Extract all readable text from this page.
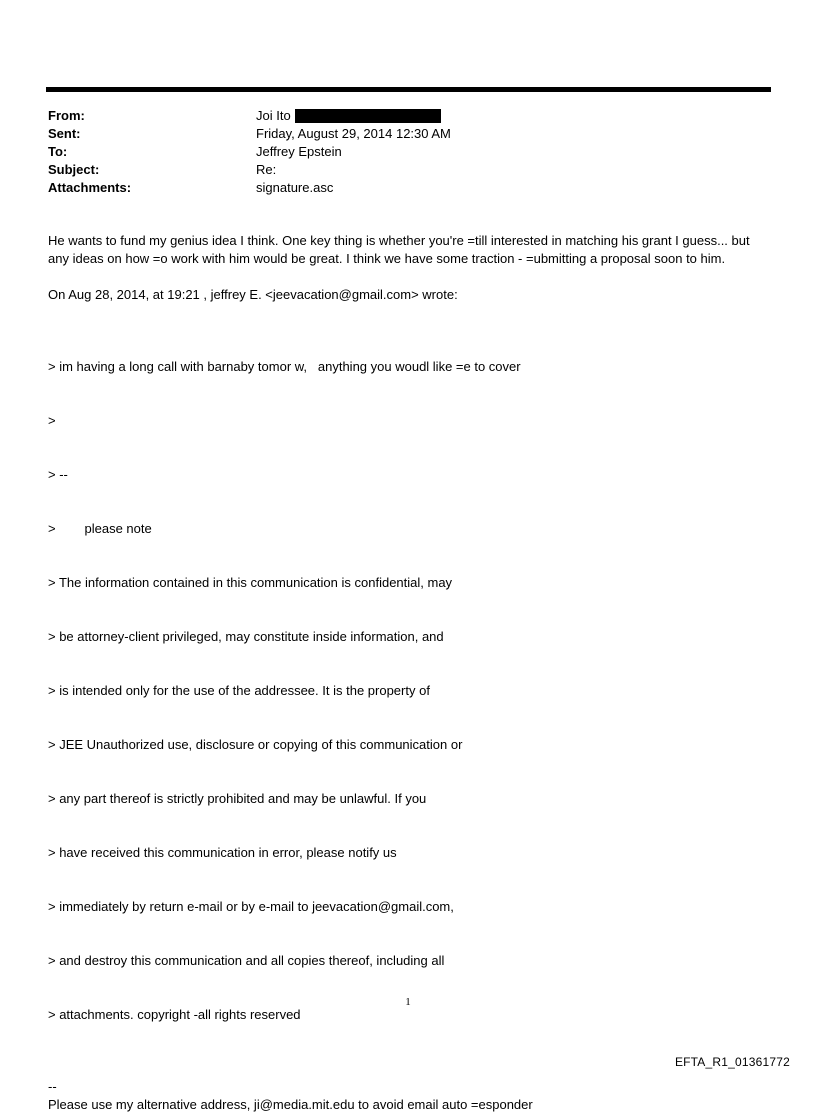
From:	Joi Ito
Sent:	Friday, August 29, 2014 12:30 AM
To:	Jeffrey Epstein
Subject:	Re:
Attachments:	signature.asc

He wants to fund my genius idea I think. One key thing is whether you're =till interested in matching his grant I guess... but any ideas on how =o work with him would be great. I think we have some traction - =ubmitting a proposal soon to him.

On Aug 28, 2014, at 19:21 , jeffrey E. <jeevacation@gmail.com> wrote:

> im having a long call with barnaby tomor w,   anything you woudl like =e to cover

>

> --

>        please note

> The information contained in this communication is confidential, may

> be attorney-client privileged, may constitute inside information, and

> is intended only for the use of the addressee. It is the property of

> JEE Unauthorized use, disclosure or copying of this communication or

> any part thereof is strictly prohibited and may be unlawful. If you

> have received this communication in error, please notify us

> immediately by return e-mail or by e-mail to jeevacation@gmail.com,

> and destroy this communication and all copies thereof, including all

> attachments. copyright -all rights reserved

--
Please use my alternative address, ji@media.mit.edu to avoid email auto =esponder
1
EFTA_R1_01361772
